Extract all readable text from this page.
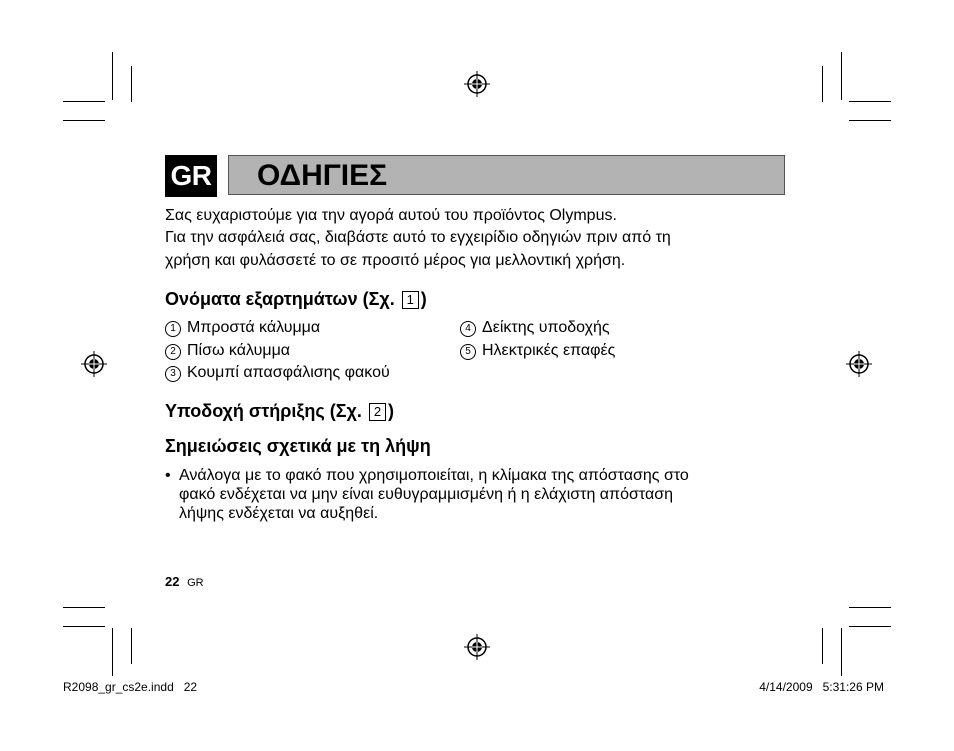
GR ΟΔΗΓΙΕΣ
Σας ευχαριστούμε για την αγορά αυτού του προϊόντος Olympus.
Για την ασφάλειά σας, διαβάστε αυτό το εγχειρίδιο οδηγιών πριν από τη
χρήση και φυλάσσετέ το σε προσιτό μέρος για μελλοντική χρήση.
Ονόματα εξαρτημάτων (Σχ. 1 )
1 Μπροστά κάλυμμα
2 Πίσω κάλυμμα
3 Κουμπί απασφάλισης φακού
4 Δείκτης υποδοχής
5 Ηλεκτρικές επαφές
Υποδοχή στήριξης (Σχ. 2 )
Σημειώσεις σχετικά με τη λήψη
• Ανάλογα με το φακό που χρησιμοποιείται, η κλίμακα της απόστασης στο
φακό ενδέχεται να μην είναι ευθυγραμμισμένη ή η ελάχιστη απόσταση
λήψης ενδέχεται να αυξηθεί.
22 GR
R2098_gr_cs2e.indd   22	4/14/2009   5:31:26 PM
